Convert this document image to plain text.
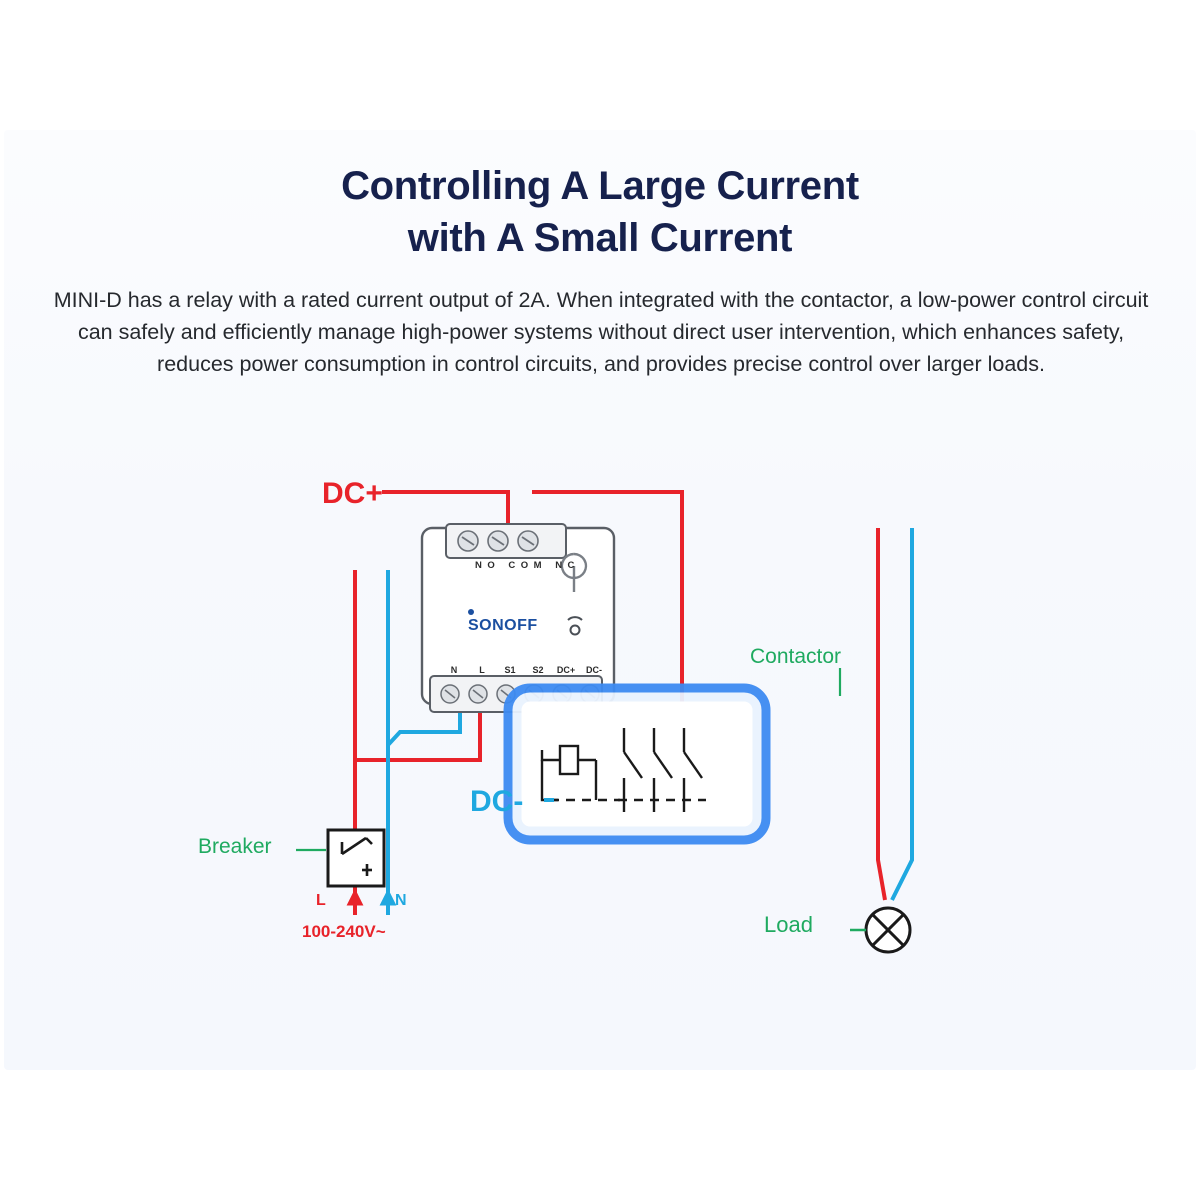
Controlling A Large Current
with A Small Current
MINI-D has a relay with a rated current output of 2A. When integrated with the contactor, a low-power control circuit can safely and efficiently manage high-power systems without direct user intervention, which enhances safety, reduces power consumption in control circuits, and provides precise control over larger loads.
DC+
DC-
Contactor
Breaker
Load
L	N
100-240V~
NO COM NC
N L S1 S2 DC+ DC-
SONOFF
